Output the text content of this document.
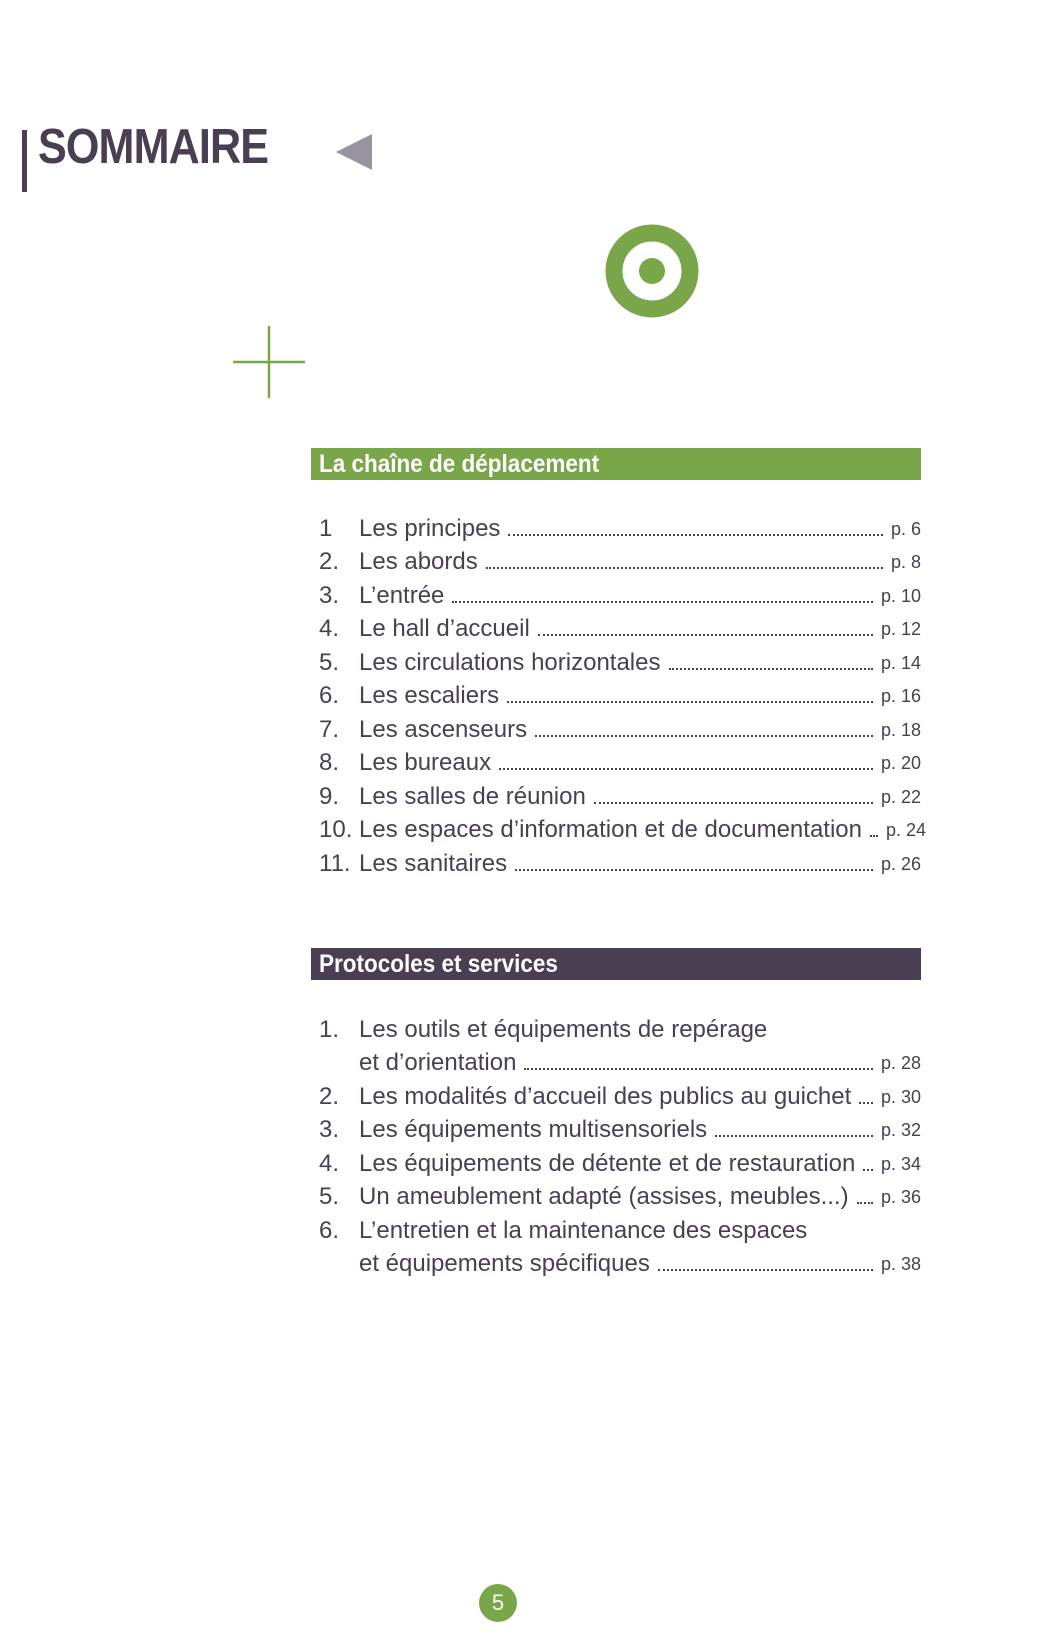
SOMMAIRE
La chaîne de déplacement
1	Les principes	p. 6
2. Les abords	p. 8
3. L’entrée	p. 10
4. Le hall d’accueil	p. 12
5. Les circulations horizontales	p. 14
6. Les escaliers	p. 16
7. Les ascenseurs	p. 18
8. Les bureaux	p. 20
9. Les salles de réunion	p. 22
10. Les espaces d’information et de documentation p. 24
11. Les sanitaires	p. 26
Protocoles et services
1. Les outils et équipements de repérage
et d’orientation	p. 28
2. Les modalités d’accueil des publics au guichet p. 30
3. Les équipements multisensoriels	p. 32
4. Les équipements de détente et de restauration p. 34
5. Un ameublement adapté (assises, meubles...) p. 36
6. L’entretien et la maintenance des espaces
et équipements spécifiques	p. 38
5
